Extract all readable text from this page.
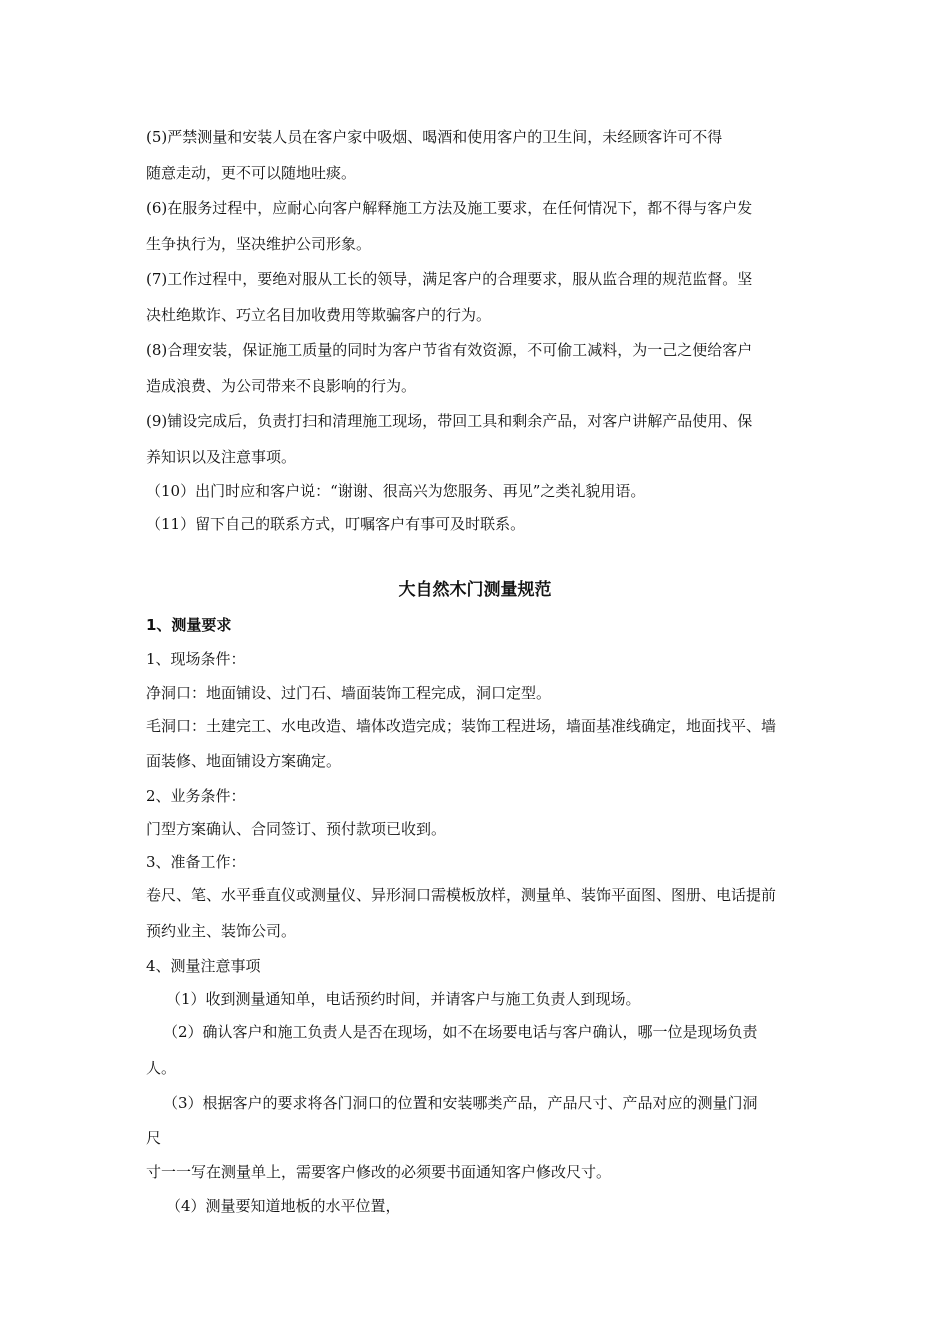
(5)严禁测量和安装人员在客户家中吸烟、喝酒和使用客户的卫生间，未经顾客许可不得
随意走动，更不可以随地吐痰。
(6)在服务过程中，应耐心向客户解释施工方法及施工要求，在任何情况下，都不得与客户发
生争执行为，坚决维护公司形象。
(7)工作过程中，要绝对服从工长的领导，满足客户的合理要求，服从监合理的规范监督。坚
决杜绝欺诈、巧立名目加收费用等欺骗客户的行为。
(8)合理安装，保证施工质量的同时为客户节省有效资源，不可偷工减料，为一己之便给客户
造成浪费、为公司带来不良影响的行为。
(9)铺设完成后，负责打扫和清理施工现场，带回工具和剩余产品，对客户讲解产品使用、保
养知识以及注意事项。
（10）出门时应和客户说：“谢谢、很高兴为您服务、再见”之类礼貌用语。
（11）留下自己的联系方式，叮嘱客户有事可及时联系。
大自然木门测量规范
1、测量要求
1、现场条件：
净洞口：地面铺设、过门石、墙面装饰工程完成，洞口定型。
毛洞口：土建完工、水电改造、墙体改造完成；装饰工程进场，墙面基准线确定，地面找平、墙
面装修、地面铺设方案确定。
2、业务条件：
门型方案确认、合同签订、预付款项已收到。
3、准备工作：
卷尺、笔、水平垂直仪或测量仪、异形洞口需模板放样，测量单、装饰平面图、图册、电话提前
预约业主、装饰公司。
4、测量注意事项
（1）收到测量通知单，电话预约时间，并请客户与施工负责人到现场。
（2）确认客户和施工负责人是否在现场，如不在场要电话与客户确认，哪一位是现场负责
人。
（3）根据客户的要求将各门洞口的位置和安装哪类产品，产品尺寸、产品对应的测量门洞
尺
寸一一写在测量单上，需要客户修改的必须要书面通知客户修改尺寸。
（4）测量要知道地板的水平位置，
